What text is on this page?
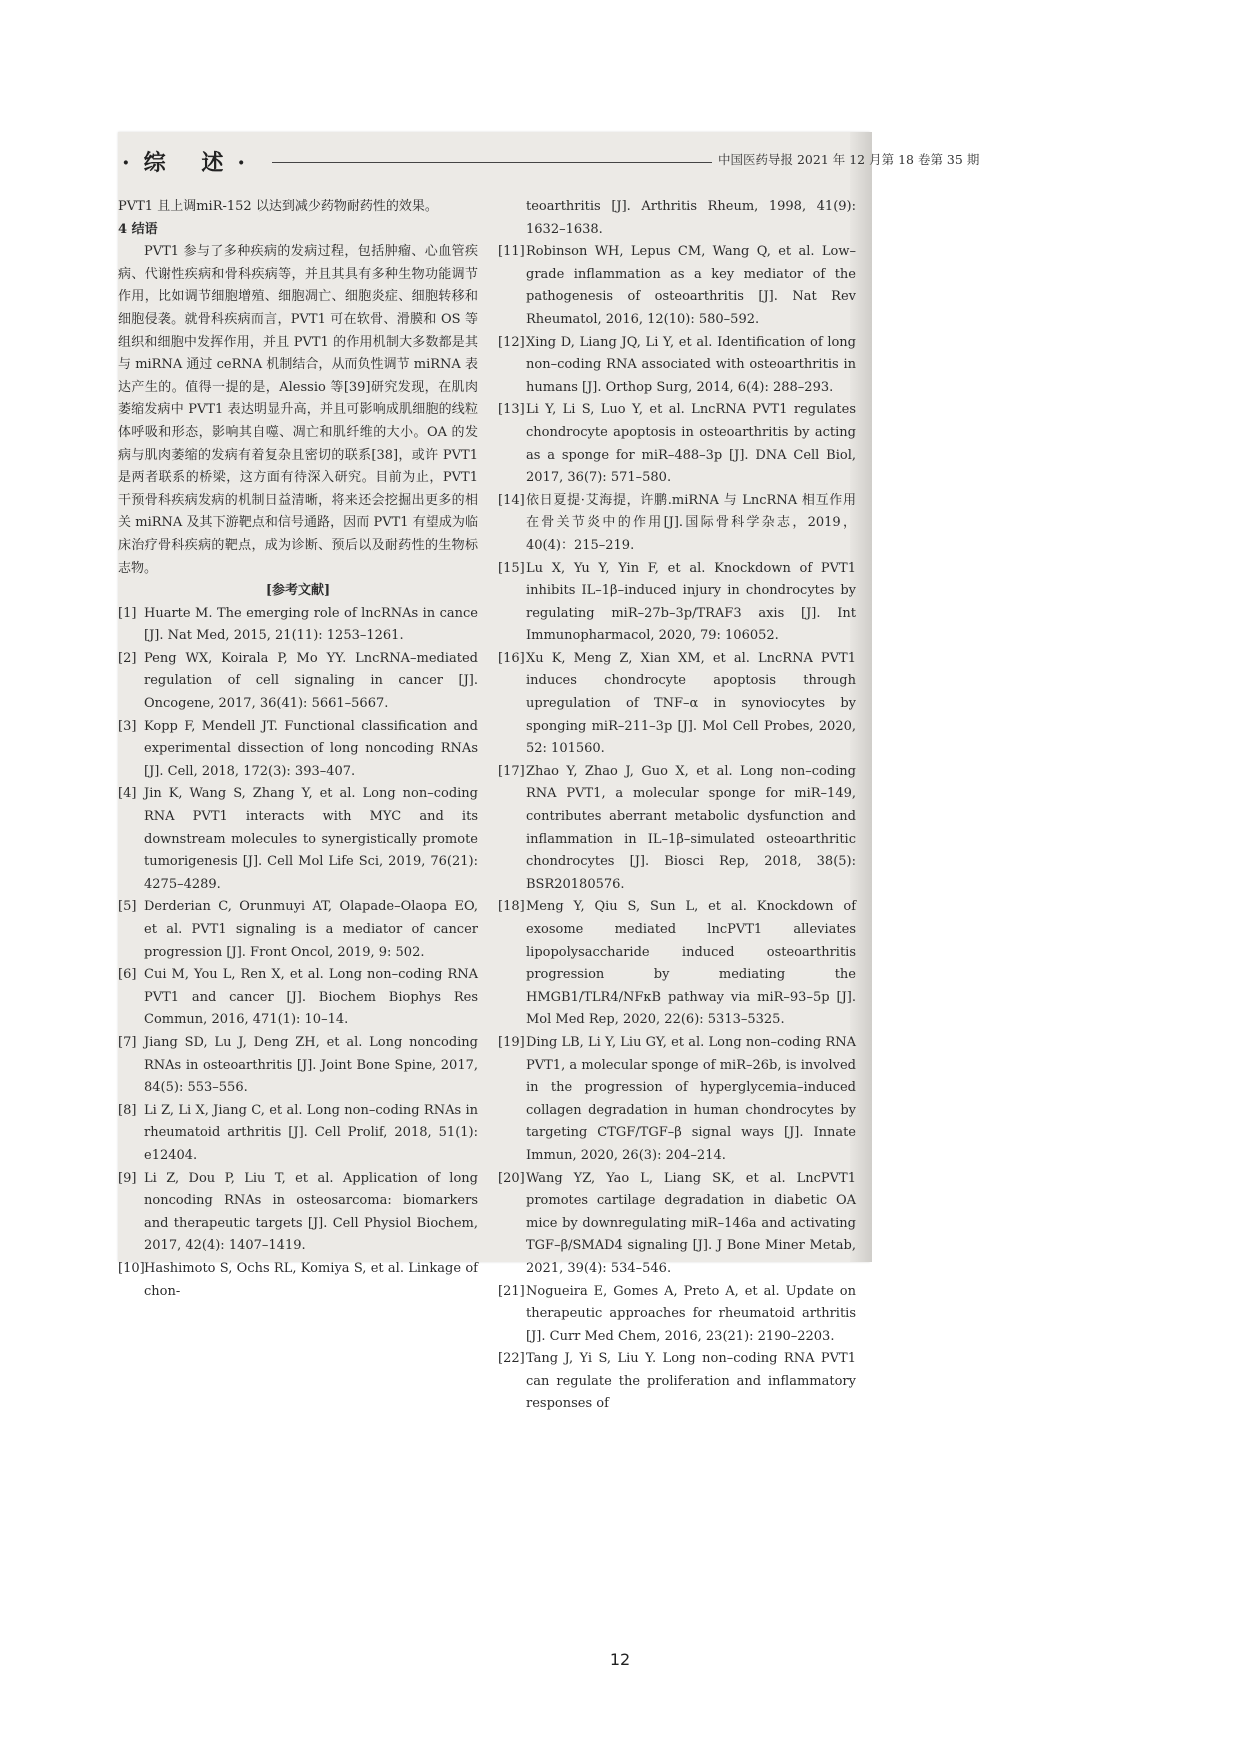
·综 述·	中国医药导报 2021 年 12 月第 18 卷第 35 期

PVT1 且上调miR-152 以达到减少药物耐药性的效果。

4 结语

PVT1 参与了多种疾病的发病过程，包括肿瘤、心血管疾病、代谢性疾病和骨科疾病等，并且其具有多种生物功能调节作用，比如调节细胞增殖、细胞凋亡、细胞炎症、细胞转移和细胞侵袭。就骨科疾病而言，PVT1 可在软骨、滑膜和 OS 等组织和细胞中发挥作用，并且 PVT1 的作用机制大多数都是其与 miRNA 通过 ceRNA 机制结合，从而负性调节 miRNA 表达产生的。值得一提的是，Alessio 等[39]研究发现，在肌肉萎缩发病中 PVT1 表达明显升高，并且可影响成肌细胞的线粒体呼吸和形态，影响其自噬、凋亡和肌纤维的大小。OA 的发病与肌肉萎缩的发病有着复杂且密切的联系[38]，或许 PVT1 是两者联系的桥梁，这方面有待深入研究。目前为止，PVT1 干预骨科疾病发病的机制日益清晰，将来还会挖掘出更多的相关 miRNA 及其下游靶点和信号通路，因而 PVT1 有望成为临床治疗骨科疾病的靶点，成为诊断、预后以及耐药性的生物标志物。

[参考文献]

[1] Huarte M. The emerging role of lncRNAs in cance [J]. Nat Med, 2015, 21(11): 1253–1261.

[2] Peng WX, Koirala P, Mo YY. LncRNA–mediated regulation of cell signaling in cancer [J]. Oncogene, 2017, 36(41): 5661–5667.

[3] Kopp F, Mendell JT. Functional classification and experimental dissection of long noncoding RNAs [J]. Cell, 2018, 172(3): 393–407.

[4] Jin K, Wang S, Zhang Y, et al. Long non–coding RNA PVT1 interacts with MYC and its downstream molecules to synergistically promote tumorigenesis [J]. Cell Mol Life Sci, 2019, 76(21): 4275–4289.

[5] Derderian C, Orunmuyi AT, Olapade–Olaopa EO, et al. PVT1 signaling is a mediator of cancer progression [J]. Front Oncol, 2019, 9: 502.

[6] Cui M, You L, Ren X, et al. Long non–coding RNA PVT1 and cancer [J]. Biochem Biophys Res Commun, 2016, 471(1): 10–14.

[7] Jiang SD, Lu J, Deng ZH, et al. Long noncoding RNAs in osteoarthritis [J]. Joint Bone Spine, 2017, 84(5): 553–556.

[8] Li Z, Li X, Jiang C, et al. Long non–coding RNAs in rheumatoid arthritis [J]. Cell Prolif, 2018, 51(1): e12404.

[9] Li Z, Dou P, Liu T, et al. Application of long noncoding RNAs in osteosarcoma: biomarkers and therapeutic targets [J]. Cell Physiol Biochem, 2017, 42(4): 1407–1419.

[10] Hashimoto S, Ochs RL, Komiya S, et al. Linkage of chon-

teoarthritis [J]. Arthritis Rheum, 1998, 41(9): 1632–1638.

[11] Robinson WH, Lepus CM, Wang Q, et al. Low–grade inflammation as a key mediator of the pathogenesis of osteoarthritis [J]. Nat Rev Rheumatol, 2016, 12(10): 580–592.

[12] Xing D, Liang JQ, Li Y, et al. Identification of long non–coding RNA associated with osteoarthritis in humans [J]. Orthop Surg, 2014, 6(4): 288–293.

[13] Li Y, Li S, Luo Y, et al. LncRNA PVT1 regulates chondrocyte apoptosis in osteoarthritis by acting as a sponge for miR–488–3p [J]. DNA Cell Biol, 2017, 36(7): 571–580.

[14] 依日夏提·艾海提，许鹏.miRNA 与 LncRNA 相互作用在骨关节炎中的作用[J].国际骨科学杂志，2019，40(4)：215–219.

[15] Lu X, Yu Y, Yin F, et al. Knockdown of PVT1 inhibits IL–1β–induced injury in chondrocytes by regulating miR–27b–3p/TRAF3 axis [J]. Int Immunopharmacol, 2020, 79: 106052.

[16] Xu K, Meng Z, Xian XM, et al. LncRNA PVT1 induces chondrocyte apoptosis through upregulation of TNF–α in synoviocytes by sponging miR–211–3p [J]. Mol Cell Probes, 2020, 52: 101560.

[17] Zhao Y, Zhao J, Guo X, et al. Long non–coding RNA PVT1, a molecular sponge for miR–149, contributes aberrant metabolic dysfunction and inflammation in IL–1β–simulated osteoarthritic chondrocytes [J]. Biosci Rep, 2018, 38(5): BSR20180576.

[18] Meng Y, Qiu S, Sun L, et al. Knockdown of exosome mediated lncPVT1 alleviates lipopolysaccharide induced osteoarthritis progression by mediating the HMGB1/TLR4/NFκB pathway via miR–93–5p [J]. Mol Med Rep, 2020, 22(6): 5313–5325.

[19] Ding LB, Li Y, Liu GY, et al. Long non–coding RNA PVT1, a molecular sponge of miR–26b, is involved in the progression of hyperglycemia–induced collagen degradation in human chondrocytes by targeting CTGF/TGF–β signal ways [J]. Innate Immun, 2020, 26(3): 204–214.

[20] Wang YZ, Yao L, Liang SK, et al. LncPVT1 promotes cartilage degradation in diabetic OA mice by downregulating miR–146a and activating TGF–β/SMAD4 signaling [J]. J Bone Miner Metab, 2021, 39(4): 534–546.

[21] Nogueira E, Gomes A, Preto A, et al. Update on therapeutic approaches for rheumatoid arthritis [J]. Curr Med Chem, 2016, 23(21): 2190–2203.

[22] Tang J, Yi S, Liu Y. Long non–coding RNA PVT1 can regulate the proliferation and inflammatory responses of

12
